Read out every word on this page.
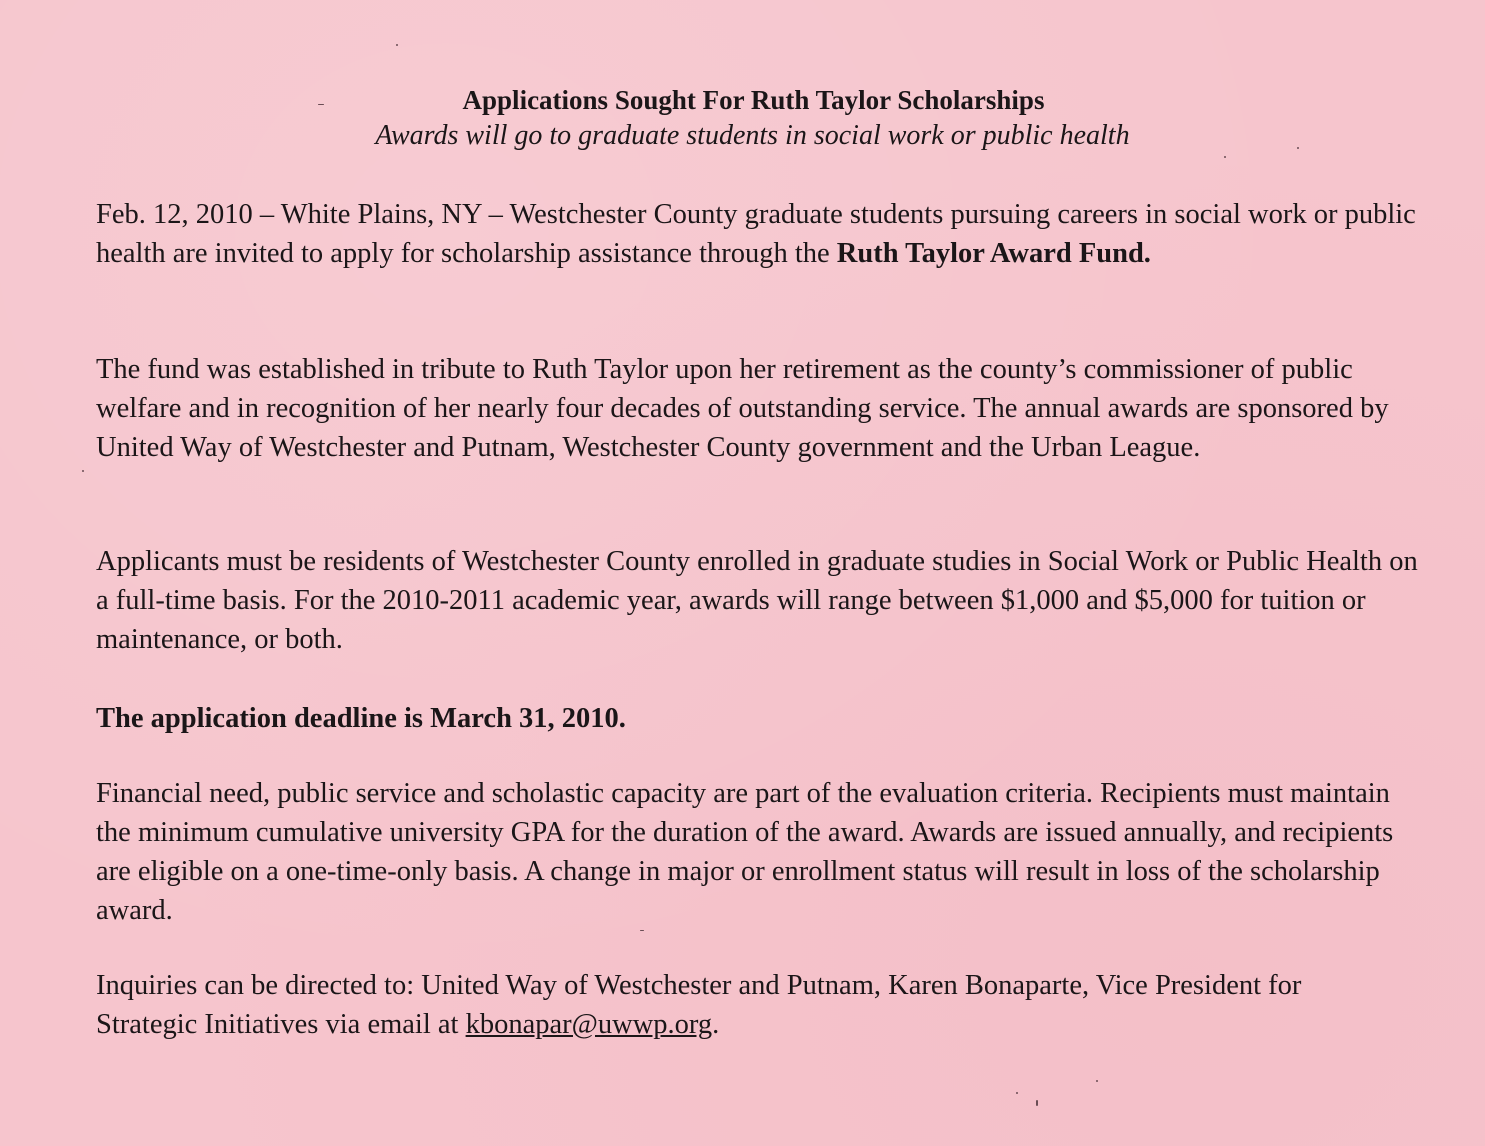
Applications Sought For Ruth Taylor Scholarships
Awards will go to graduate students in social work or public health

Feb. 12, 2010 – White Plains, NY – Westchester County graduate students pursuing careers in social work or public health are invited to apply for scholarship assistance through the Ruth Taylor Award Fund.

The fund was established in tribute to Ruth Taylor upon her retirement as the county’s commissioner of public welfare and in recognition of her nearly four decades of outstanding service. The annual awards are sponsored by United Way of Westchester and Putnam, Westchester County government and the Urban League.

Applicants must be residents of Westchester County enrolled in graduate studies in Social Work or Public Health on a full-time basis. For the 2010-2011 academic year, awards will range between $1,000 and $5,000 for tuition or maintenance, or both.

The application deadline is March 31, 2010.

Financial need, public service and scholastic capacity are part of the evaluation criteria. Recipients must maintain the minimum cumulative university GPA for the duration of the award. Awards are issued annually, and recipients are eligible on a one-time-only basis. A change in major or enrollment status will result in loss of the scholarship award.

Inquiries can be directed to: United Way of Westchester and Putnam, Karen Bonaparte, Vice President for Strategic Initiatives via email at kbonapar@uwwp.org.
